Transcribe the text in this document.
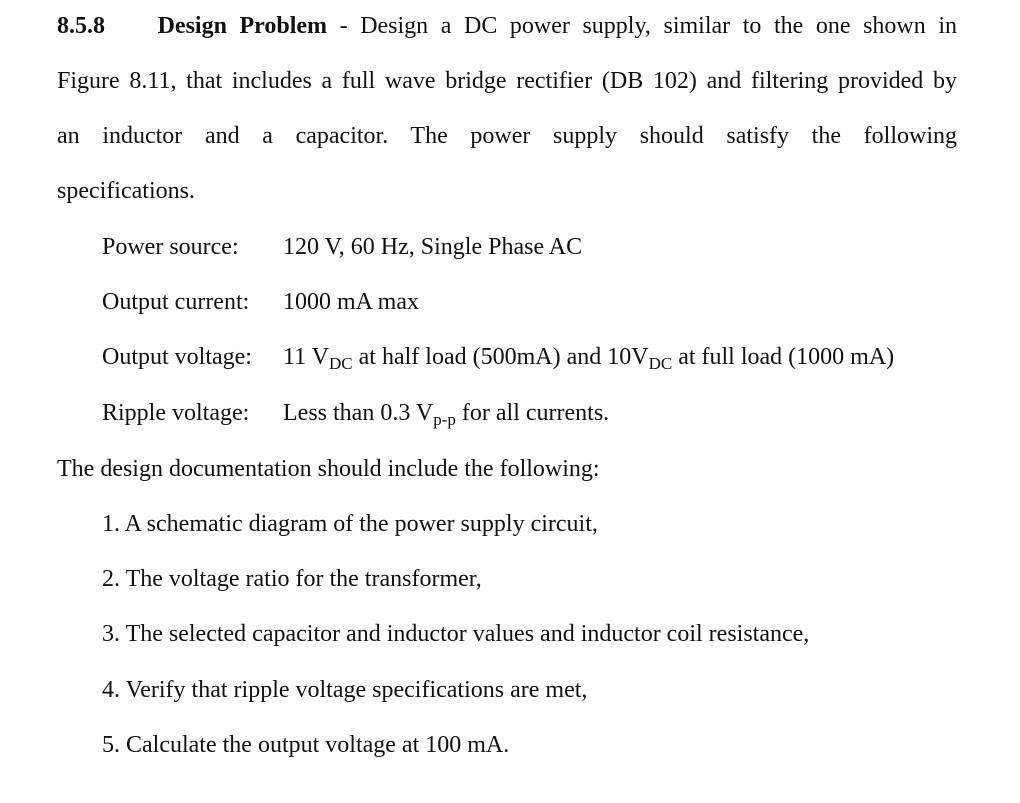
8.5.8 Design Problem - Design a DC power supply, similar to the one shown in
Figure 8.11, that includes a full wave bridge rectifier (DB 102) and filtering provided by
an inductor and a capacitor. The power supply should satisfy the following
specifications.
Power source: 120 V, 60 Hz, Single Phase AC
Output current: 1000 mA max
Output voltage: 11 $V_{DC}$ at half load (500mA) and $10V_{DC}$ at full load (1000 mA)
Ripple voltage: Less than 0.3 $V_{p-p}$ for all currents.
The design documentation should include the following:
1. A schematic diagram of the power supply circuit,
2. The voltage ratio for the transformer,
3. The selected capacitor and inductor values and inductor coil resistance,
4. Verify that ripple voltage specifications are met,
5. Calculate the output voltage at 100 mA.
